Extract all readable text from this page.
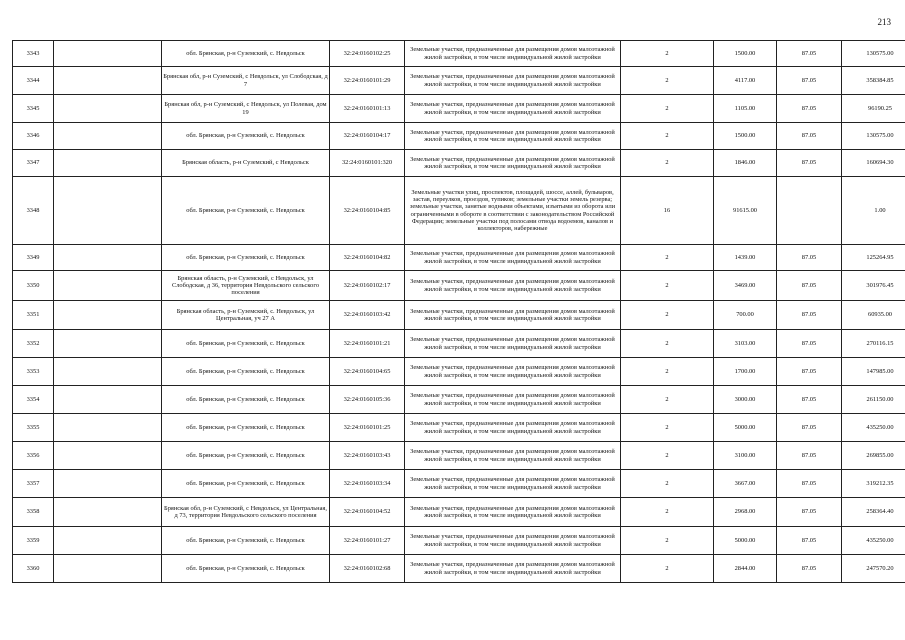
213
3343		обл. Брянская, р-н Суземский, с. Невдольск	32:24:0160102:25	Земельные участки, предназначенные для размещения домов малоэтажной жилой застройки, в том числе индивидуальной жилой застройки	2	1500.00	87.05	130575.00
3344		Брянская обл, р-н Суземский, с Невдольск, ул Слободская, д 7	32:24:0160101:29	Земельные участки, предназначенные для размещения домов малоэтажной жилой застройки, в том числе индивидуальной жилой застройки	2	4117.00	87.05	358384.85
3345		Брянская обл, р-н Суземский, с Невдольск, ул Полевая, дом 19	32:24:0160101:13	Земельные участки, предназначенные для размещения домов малоэтажной жилой застройки, в том числе индивидуальной жилой застройки	2	1105.00	87.05	96190.25
3346		обл. Брянская, р-н Суземский, с. Невдольск	32:24:0160104:17	Земельные участки, предназначенные для размещения домов малоэтажной жилой застройки, в том числе индивидуальной жилой застройки	2	1500.00	87.05	130575.00
3347		Брянская область, р-н Суземский, с Невдольск	32:24:0160101:320	Земельные участки, предназначенные для размещения домов малоэтажной жилой застройки, в том числе индивидуальной жилой застройки	2	1846.00	87.05	160694.30
3348		обл. Брянская, р-н Суземский, с. Невдольск	32:24:0160104:85	Земельные участки улиц, проспектов, площадей, шоссе, аллей, бульваров, застав, переулков, проездов, тупиков; земельные участки земель резерва; земельные участки, занятые водными объектами, изъятыми из оборота или ограниченными в обороте в соответствии с законодательством Российской Федерации; земельные участки под полосами отвода водоемов, каналов и коллекторов, набережные	16	91615.00		1.00
3349		обл. Брянская, р-н Суземский, с. Невдольск	32:24:0160104:82	Земельные участки, предназначенные для размещения домов малоэтажной жилой застройки, в том числе индивидуальной жилой застройки	2	1439.00	87.05	125264.95
3350		Брянская область, р-н Суземский, с Невдольск, ул Слободская, д 36, территория Невдольского сельского поселения	32:24:0160102:17	Земельные участки, предназначенные для размещения домов малоэтажной жилой застройки, в том числе индивидуальной жилой застройки	2	3469.00	87.05	301976.45
3351		Брянская область, р-н Суземский, с. Невдольск, ул Центральная, уч 27 А	32:24:0160103:42	Земельные участки, предназначенные для размещения домов малоэтажной жилой застройки, в том числе индивидуальной жилой застройки	2	700.00	87.05	60935.00
3352		обл. Брянская, р-н Суземский, с. Невдольск	32:24:0160101:21	Земельные участки, предназначенные для размещения домов малоэтажной жилой застройки, в том числе индивидуальной жилой застройки	2	3103.00	87.05	270116.15
3353		обл. Брянская, р-н Суземский, с. Невдольск	32:24:0160104:65	Земельные участки, предназначенные для размещения домов малоэтажной жилой застройки, в том числе индивидуальной жилой застройки	2	1700.00	87.05	147985.00
3354		обл. Брянская, р-н Суземский, с. Невдольск	32:24:0160105:36	Земельные участки, предназначенные для размещения домов малоэтажной жилой застройки, в том числе индивидуальной жилой застройки	2	3000.00	87.05	261150.00
3355		обл. Брянская, р-н Суземский, с. Невдольск	32:24:0160101:25	Земельные участки, предназначенные для размещения домов малоэтажной жилой застройки, в том числе индивидуальной жилой застройки	2	5000.00	87.05	435250.00
3356		обл. Брянская, р-н Суземский, с. Невдольск	32:24:0160103:43	Земельные участки, предназначенные для размещения домов малоэтажной жилой застройки, в том числе индивидуальной жилой застройки	2	3100.00	87.05	269855.00
3357		обл. Брянская, р-н Суземский, с. Невдольск	32:24:0160103:34	Земельные участки, предназначенные для размещения домов малоэтажной жилой застройки, в том числе индивидуальной жилой застройки	2	3667.00	87.05	319212.35
3358		Брянская обл, р-н Суземский, с Невдольск, ул Центральная, д 73, территория Невдольского сельского поселения	32:24:0160104:52	Земельные участки, предназначенные для размещения домов малоэтажной жилой застройки, в том числе индивидуальной жилой застройки	2	2968.00	87.05	258364.40
3359		обл. Брянская, р-н Суземский, с. Невдольск	32:24:0160101:27	Земельные участки, предназначенные для размещения домов малоэтажной жилой застройки, в том числе индивидуальной жилой застройки	2	5000.00	87.05	435250.00
3360		обл. Брянская, р-н Суземский, с. Невдольск	32:24:0160102:68	Земельные участки, предназначенные для размещения домов малоэтажной жилой застройки, в том числе индивидуальной жилой застройки	2	2844.00	87.05	247570.20
